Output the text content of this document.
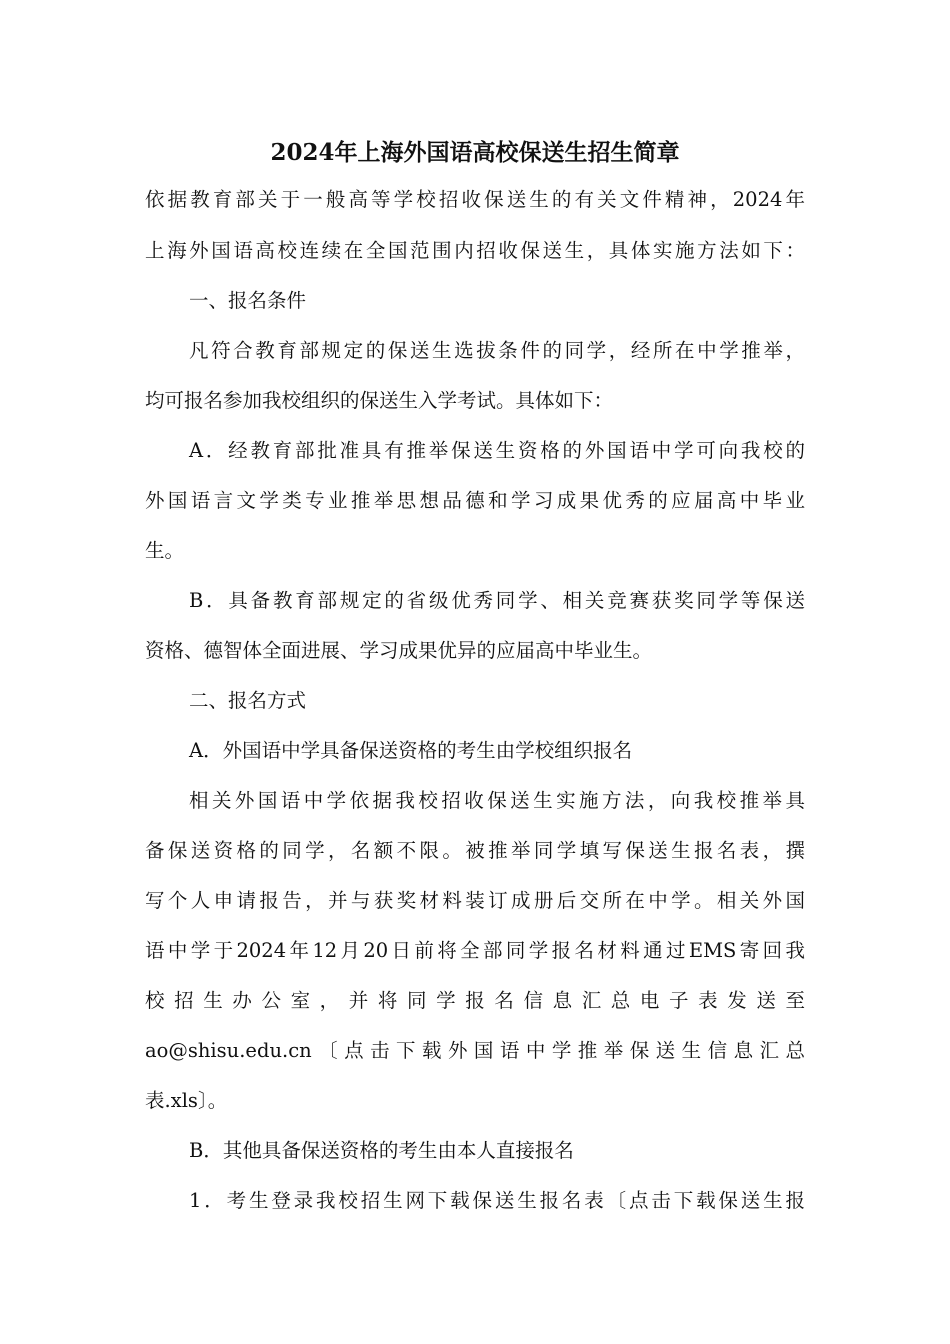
2024年上海外国语高校保送生招生简章

依据教育部关于一般高等学校招收保送生的有关文件精神，2024年

上海外国语高校连续在全国范围内招收保送生，具体实施方法如下：

一、报名条件

凡符合教育部规定的保送生选拔条件的同学，经所在中学推举，

均可报名参加我校组织的保送生入学考试。具体如下：

A．经教育部批准具有推举保送生资格的外国语中学可向我校的

外国语言文学类专业推举思想品德和学习成果优秀的应届高中毕业

生。

B．具备教育部规定的省级优秀同学、相关竞赛获奖同学等保送

资格、德智体全面进展、学习成果优异的应届高中毕业生。

二、报名方式

A．外国语中学具备保送资格的考生由学校组织报名

相关外国语中学依据我校招收保送生实施方法，向我校推举具

备保送资格的同学，名额不限。被推举同学填写保送生报名表，撰

写个人申请报告，并与获奖材料装订成册后交所在中学。相关外国

语中学于2024年12月20日前将全部同学报名材料通过EMS寄回我

校招生办公室，并将同学报名信息汇总电子表发送至

ao@shisu.edu.cn〔点击下载外国语中学推举保送生信息汇总

表.xls〕。

B．其他具备保送资格的考生由本人直接报名

1．考生登录我校招生网下载保送生报名表〔点击下载保送生报
